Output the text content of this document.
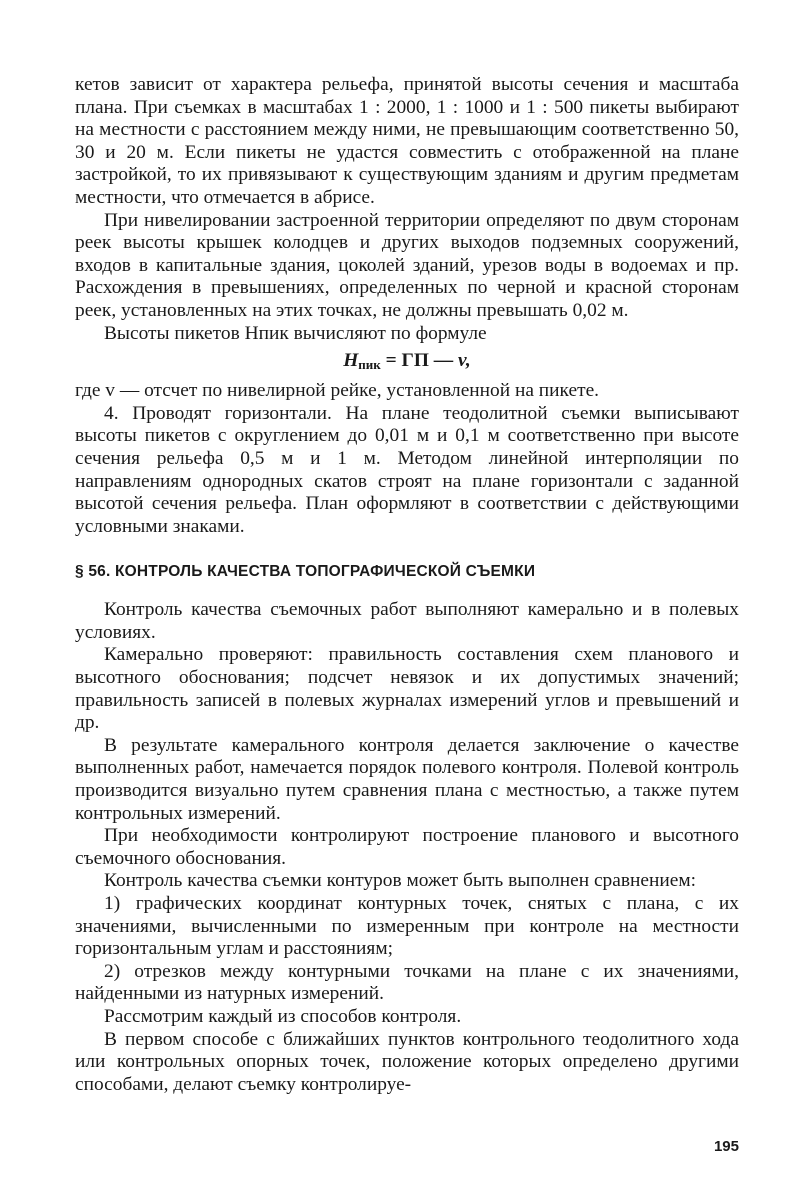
кетов зависит от характера рельефа, принятой высоты сечения и масштаба плана. При съемках в масштабах 1 : 2000, 1 : 1000 и 1 : 500 пикеты выбирают на местности с расстоянием между ними, не превышающим соответственно 50, 30 и 20 м. Если пикеты не удастся совместить с отображенной на плане застройкой, то их привязывают к существующим зданиям и другим предметам местности, что отмечается в абрисе.

При нивелировании застроенной территории определяют по двум сторонам реек высоты крышек колодцев и других выходов подземных сооружений, входов в капитальные здания, цоколей зданий, урезов воды в водоемах и пр. Расхождения в превышениях, определенных по черной и красной сторонам реек, установленных на этих точках, не должны превышать 0,02 м.

Высоты пикетов Hпик вычисляют по формуле

$H_{пик}$ = ГП — v,

где v — отсчет по нивелирной рейке, установленной на пикете.

4. Проводят горизонтали. На плане теодолитной съемки выписывают высоты пикетов с округлением до 0,01 м и 0,1 м соответственно при высоте сечения рельефа 0,5 м и 1 м. Методом линейной интерполяции по направлениям однородных скатов строят на плане горизонтали с заданной высотой сечения рельефа. План оформляют в соответствии с действующими условными знаками.

§ 56. КОНТРОЛЬ КАЧЕСТВА ТОПОГРАФИЧЕСКОЙ СЪЕМКИ

Контроль качества съемочных работ выполняют камерально и в полевых условиях.

Камерально проверяют: правильность составления схем планового и высотного обоснования; подсчет невязок и их допустимых значений; правильность записей в полевых журналах измерений углов и превышений и др.

В результате камерального контроля делается заключение о качестве выполненных работ, намечается порядок полевого контроля. Полевой контроль производится визуально путем сравнения плана с местностью, а также путем контрольных измерений.

При необходимости контролируют построение планового и высотного съемочного обоснования.

Контроль качества съемки контуров может быть выполнен сравнением:

1) графических координат контурных точек, снятых с плана, с их значениями, вычисленными по измеренным при контроле на местности горизонтальным углам и расстояниям;

2) отрезков между контурными точками на плане с их значениями, найденными из натурных измерений.

Рассмотрим каждый из способов контроля.

В первом способе с ближайших пунктов контрольного теодолитного хода или контрольных опорных точек, положение которых определено другими способами, делают съемку контролируе-

195
